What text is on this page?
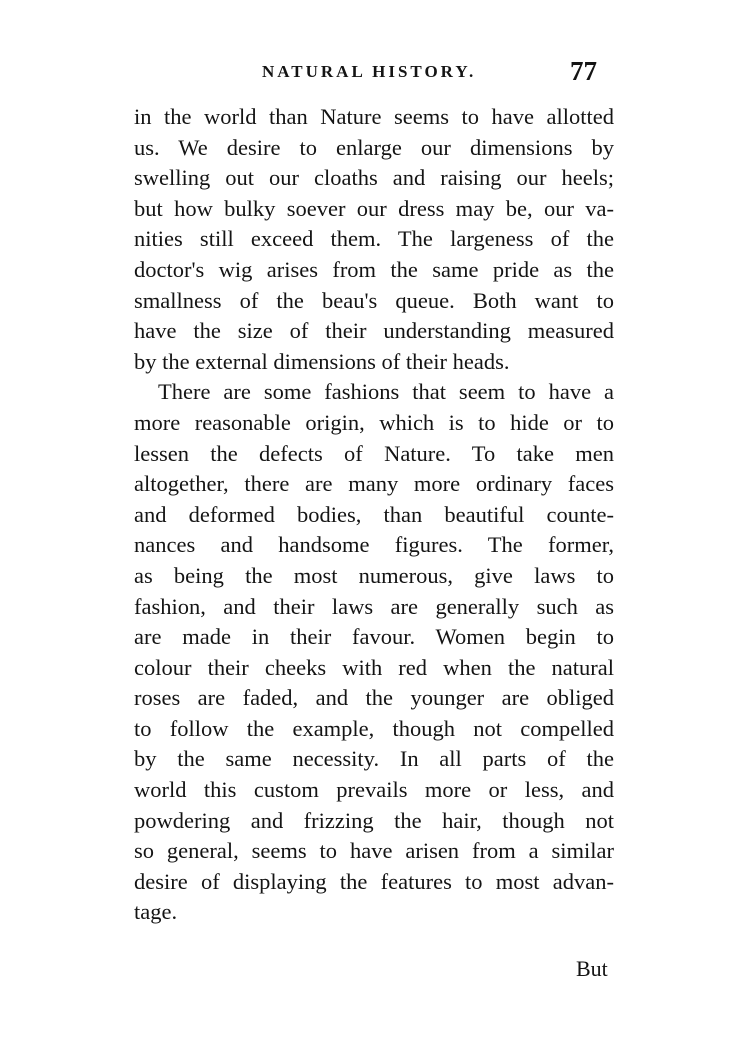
NATURAL HISTORY.	77
in the world than Nature seems to have allotted
us. We desire to enlarge our dimensions by
swelling out our cloaths and raising our heels;
but how bulky soever our dress may be, our va-
nities still exceed them. The largeness of the
doctor's wig arises from the same pride as the
smallness of the beau's queue. Both want to
have the size of their understanding measured
by the external dimensions of their heads.
There are some fashions that seem to have a
more reasonable origin, which is to hide or to
lessen the defects of Nature. To take men
altogether, there are many more ordinary faces
and deformed bodies, than beautiful counte-
nances and handsome figures. The former,
as being the most numerous, give laws to
fashion, and their laws are generally such as
are made in their favour. Women begin to
colour their cheeks with red when the natural
roses are faded, and the younger are obliged
to follow the example, though not compelled
by the same necessity. In all parts of the
world this custom prevails more or less, and
powdering and frizzing the hair, though not
so general, seems to have arisen from a similar
desire of displaying the features to most advan-
tage.
But
